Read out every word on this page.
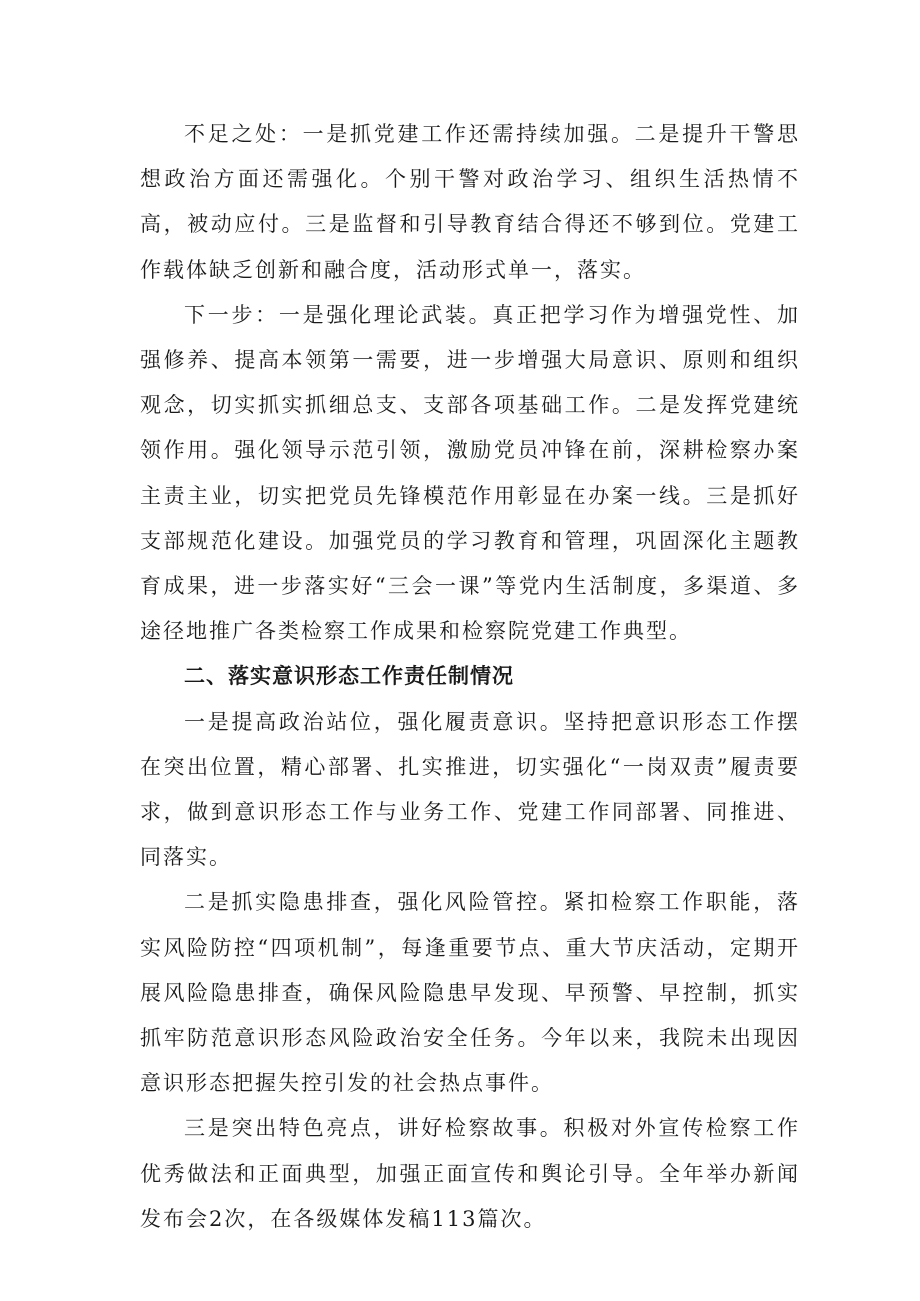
不足之处：一是抓党建工作还需持续加强。二是提升干警思想政治方面还需强化。个别干警对政治学习、组织生活热情不高，被动应付。三是监督和引导教育结合得还不够到位。党建工作载体缺乏创新和融合度，活动形式单一，落实。

下一步：一是强化理论武装。真正把学习作为增强党性、加强修养、提高本领第一需要，进一步增强大局意识、原则和组织观念，切实抓实抓细总支、支部各项基础工作。二是发挥党建统领作用。强化领导示范引领，激励党员冲锋在前，深耕检察办案主责主业，切实把党员先锋模范作用彰显在办案一线。三是抓好支部规范化建设。加强党员的学习教育和管理，巩固深化主题教育成果，进一步落实好“三会一课”等党内生活制度，多渠道、多途径地推广各类检察工作成果和检察院党建工作典型。

二、落实意识形态工作责任制情况

一是提高政治站位，强化履责意识。坚持把意识形态工作摆在突出位置，精心部署、扎实推进，切实强化“一岗双责”履责要求，做到意识形态工作与业务工作、党建工作同部署、同推进、同落实。

二是抓实隐患排查，强化风险管控。紧扣检察工作职能，落实风险防控“四项机制”，每逢重要节点、重大节庆活动，定期开展风险隐患排查，确保风险隐患早发现、早预警、早控制，抓实抓牢防范意识形态风险政治安全任务。今年以来，我院未出现因意识形态把握失控引发的社会热点事件。

三是突出特色亮点，讲好检察故事。积极对外宣传检察工作优秀做法和正面典型，加强正面宣传和舆论引导。全年举办新闻发布会2次，在各级媒体发稿113篇次。
